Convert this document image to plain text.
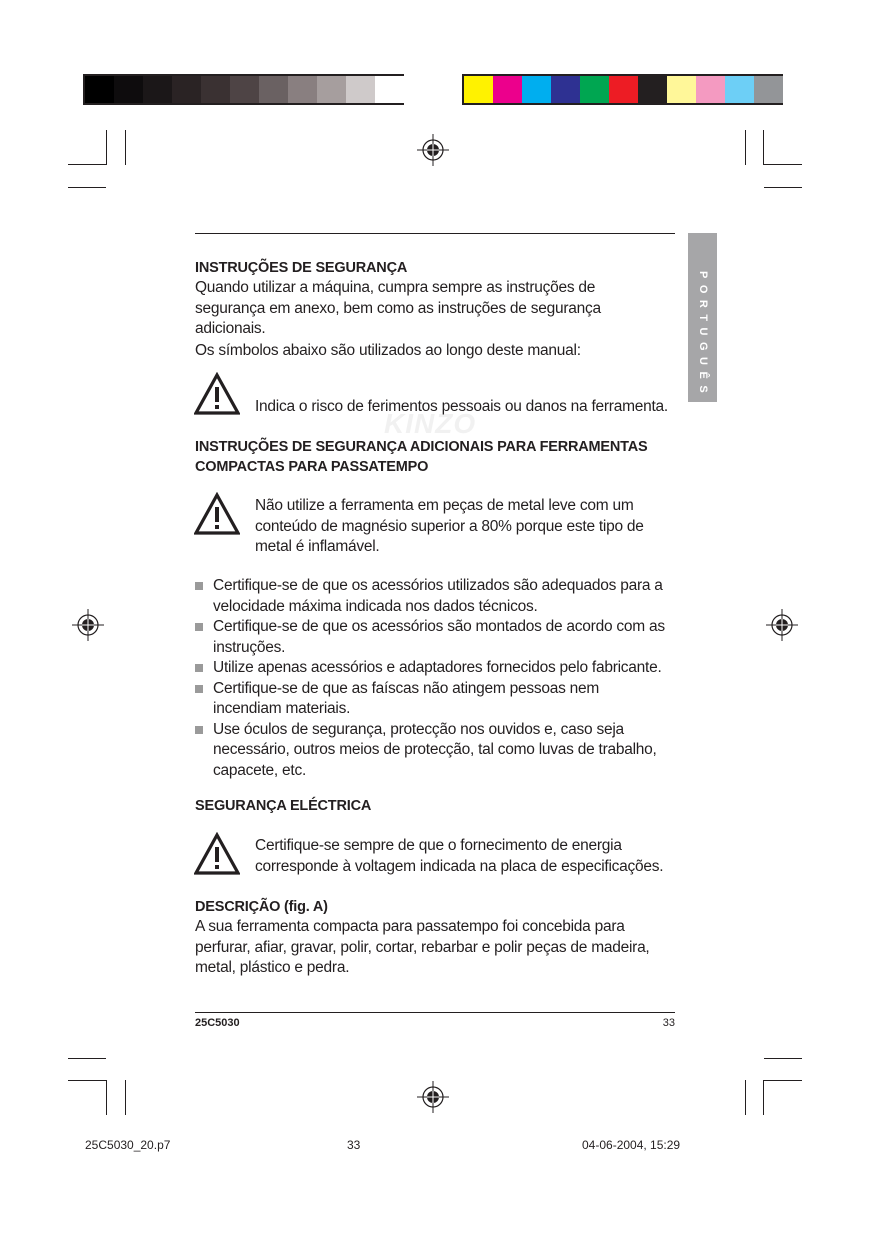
PORTUGUÊS
KINZO
INSTRUÇÕES DE SEGURANÇA
Quando utilizar a máquina, cumpra sempre as instruções de segurança em anexo, bem como as instruções de segurança adicionais.
Os símbolos abaixo são utilizados ao longo deste manual:
Indica o risco de ferimentos pessoais ou danos na ferramenta.
INSTRUÇÕES DE SEGURANÇA ADICIONAIS PARA FERRAMENTAS
COMPACTAS PARA PASSATEMPO
Não utilize a ferramenta em peças de metal leve com um conteúdo de magnésio superior a 80% porque este tipo de metal é inflamável.
Certifique-se de que os acessórios utilizados são adequados para a velocidade máxima indicada nos dados técnicos.
Certifique-se de que os acessórios são montados de acordo com as instruções.
Utilize apenas acessórios e adaptadores fornecidos pelo fabricante.
Certifique-se de que as faíscas não atingem pessoas nem incendiam materiais.
Use óculos de segurança, protecção nos ouvidos e, caso seja necessário, outros meios de protecção, tal como luvas de trabalho, capacete, etc.
SEGURANÇA ELÉCTRICA
Certifique-se sempre de que o fornecimento de energia corresponde à voltagem indicada na placa de especificações.
DESCRIÇÃO (fig. A)
A sua ferramenta compacta para passatempo foi concebida para perfurar, afiar, gravar, polir, cortar, rebarbar e polir peças de madeira, metal, plástico e pedra.
25C5030	33
25C5030_20.p7	33	04-06-2004, 15:29
